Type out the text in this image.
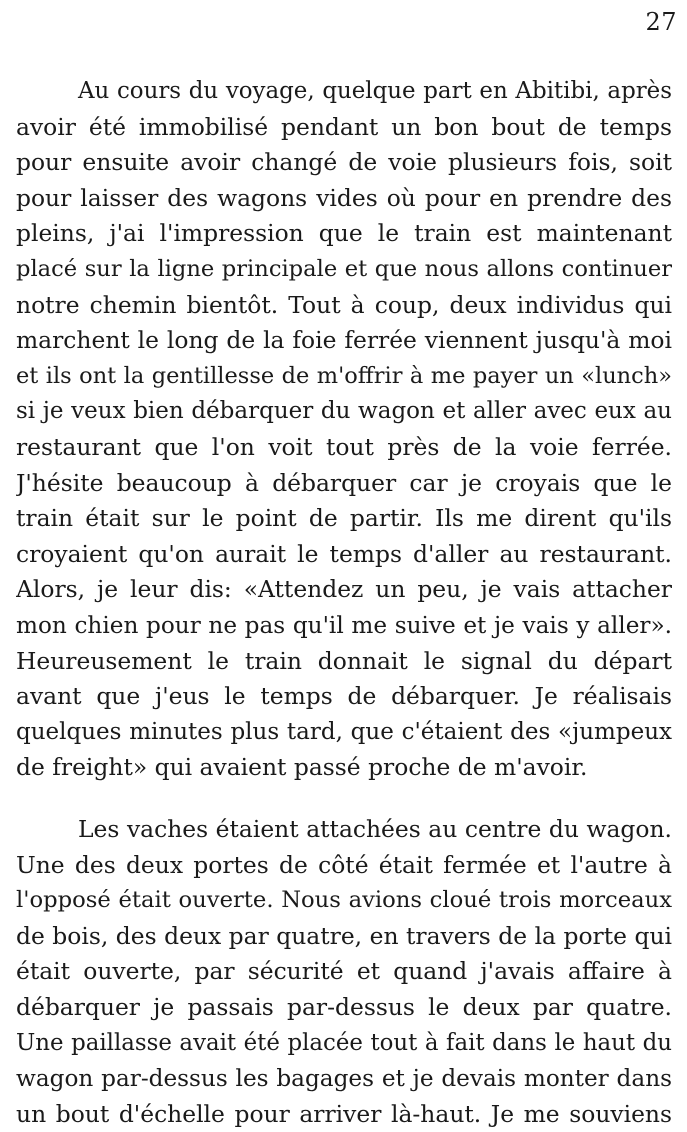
27
Au cours du voyage, quelque part en Abitibi, après
avoir été immobilisé pendant un bon bout de temps
pour ensuite avoir changé de voie plusieurs fois, soit
pour laisser des wagons vides où pour en prendre des
pleins, j'ai l'impression que le train est maintenant
placé sur la ligne principale et que nous allons continuer
notre chemin bientôt. Tout à coup, deux individus qui
marchent le long de la foie ferrée viennent jusqu'à moi
et ils ont la gentillesse de m'offrir à me payer un «lunch»
si je veux bien débarquer du wagon et aller avec eux au
restaurant que l'on voit tout près de la voie ferrée.
J'hésite beaucoup à débarquer car je croyais que le
train était sur le point de partir. Ils me dirent qu'ils
croyaient qu'on aurait le temps d'aller au restaurant.
Alors, je leur dis: «Attendez un peu, je vais attacher
mon chien pour ne pas qu'il me suive et je vais y aller».
Heureusement le train donnait le signal du départ
avant que j'eus le temps de débarquer. Je réalisais
quelques minutes plus tard, que c'étaient des «jumpeux
de freight» qui avaient passé proche de m'avoir.
Les vaches étaient attachées au centre du wagon.
Une des deux portes de côté était fermée et l'autre à
l'opposé était ouverte. Nous avions cloué trois morceaux
de bois, des deux par quatre, en travers de la porte qui
était ouverte, par sécurité et quand j'avais affaire à
débarquer je passais par-dessus le deux par quatre.
Une paillasse avait été placée tout à fait dans le haut du
wagon par-dessus les bagages et je devais monter dans
un bout d'échelle pour arriver là-haut. Je me souviens
